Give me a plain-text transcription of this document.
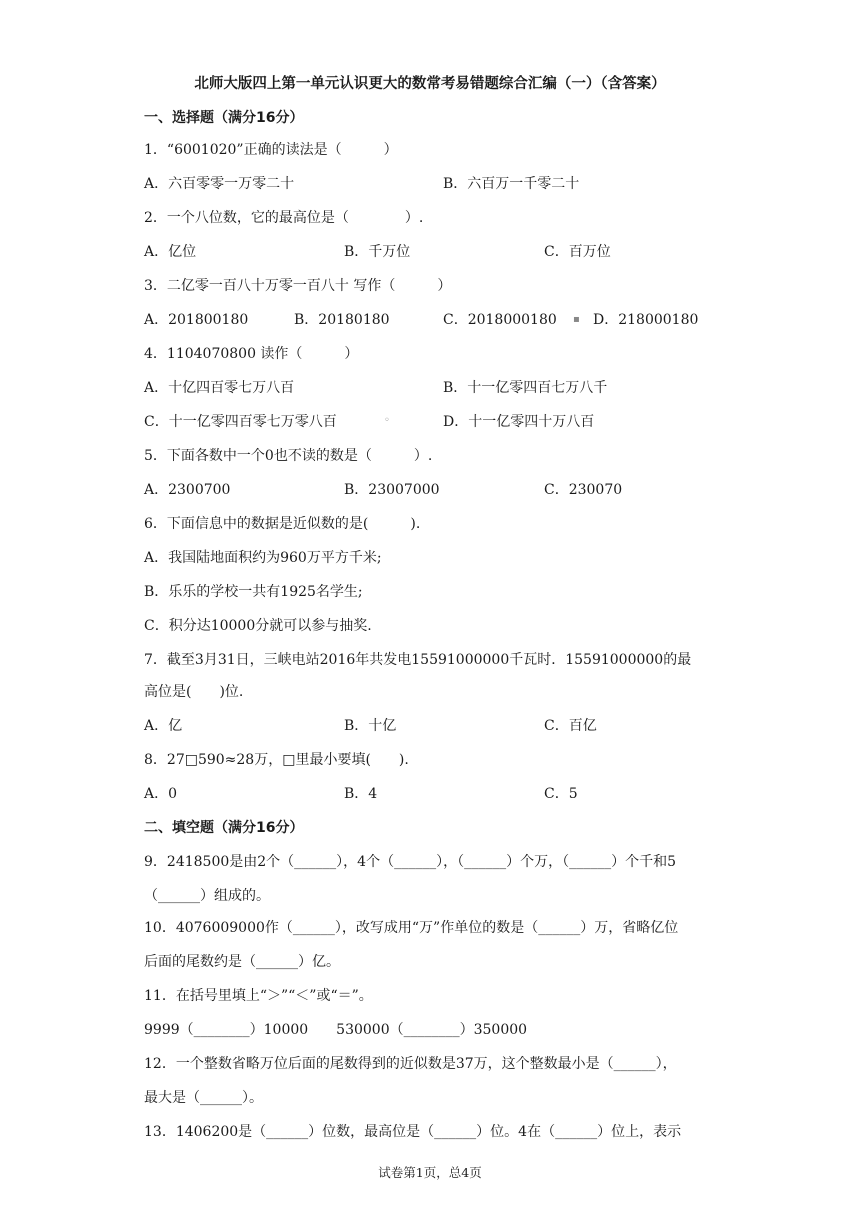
北师大版四上第一单元认识更大的数常考易错题综合汇编（一）（含答案）
一、选择题（满分16分）
1．“6001020”正确的读法是（　　　）
A．六百零零一万零二十	B．六百万一千零二十
2．一个八位数，它的最高位是（　　　　）.
A．亿位	B．千万位	C．百万位
3．二亿零一百八十万零一百八十 写作（　　　）
A．201800180	B．20180180	C．2018000180 ▪ D．218000180
4．1104070800 读作（　　　）
A．十亿四百零七万八百	B．十一亿零四百七万八千
C．十一亿零四百零七万零八百	◦	D．十一亿零四十万八百
5．下面各数中一个0也不读的数是（　　　）.
A．2300700	B．23007000	C．230070
6．下面信息中的数据是近似数的是(　　　).
A．我国陆地面积约为960万平方千米;
B．乐乐的学校一共有1925名学生;
C．积分达10000分就可以参与抽奖.
7．截至3月31日，三峡电站2016年共发电15591000000千瓦时．15591000000的最
高位是(　　)位.
A．亿	B．十亿	C．百亿
8．27□590≈28万，□里最小要填(　　).
A．0	B．4	C．5
二、填空题（满分16分）
9．2418500是由2个（______），4个（______），（______）个万，（______）个千和5
（______）组成的。
10．4076009000作（______），改写成用“万”作单位的数是（______）万，省略亿位
后面的尾数约是（______）亿。
11．在括号里填上“＞”“＜”或“＝”。
9999（________）10000　　530000（________）350000
12．一个整数省略万位后面的尾数得到的近似数是37万，这个整数最小是（______），
最大是（______）。
13．1406200是（______）位数，最高位是（______）位。4在（______）位上，表示
试卷第1页，总4页
